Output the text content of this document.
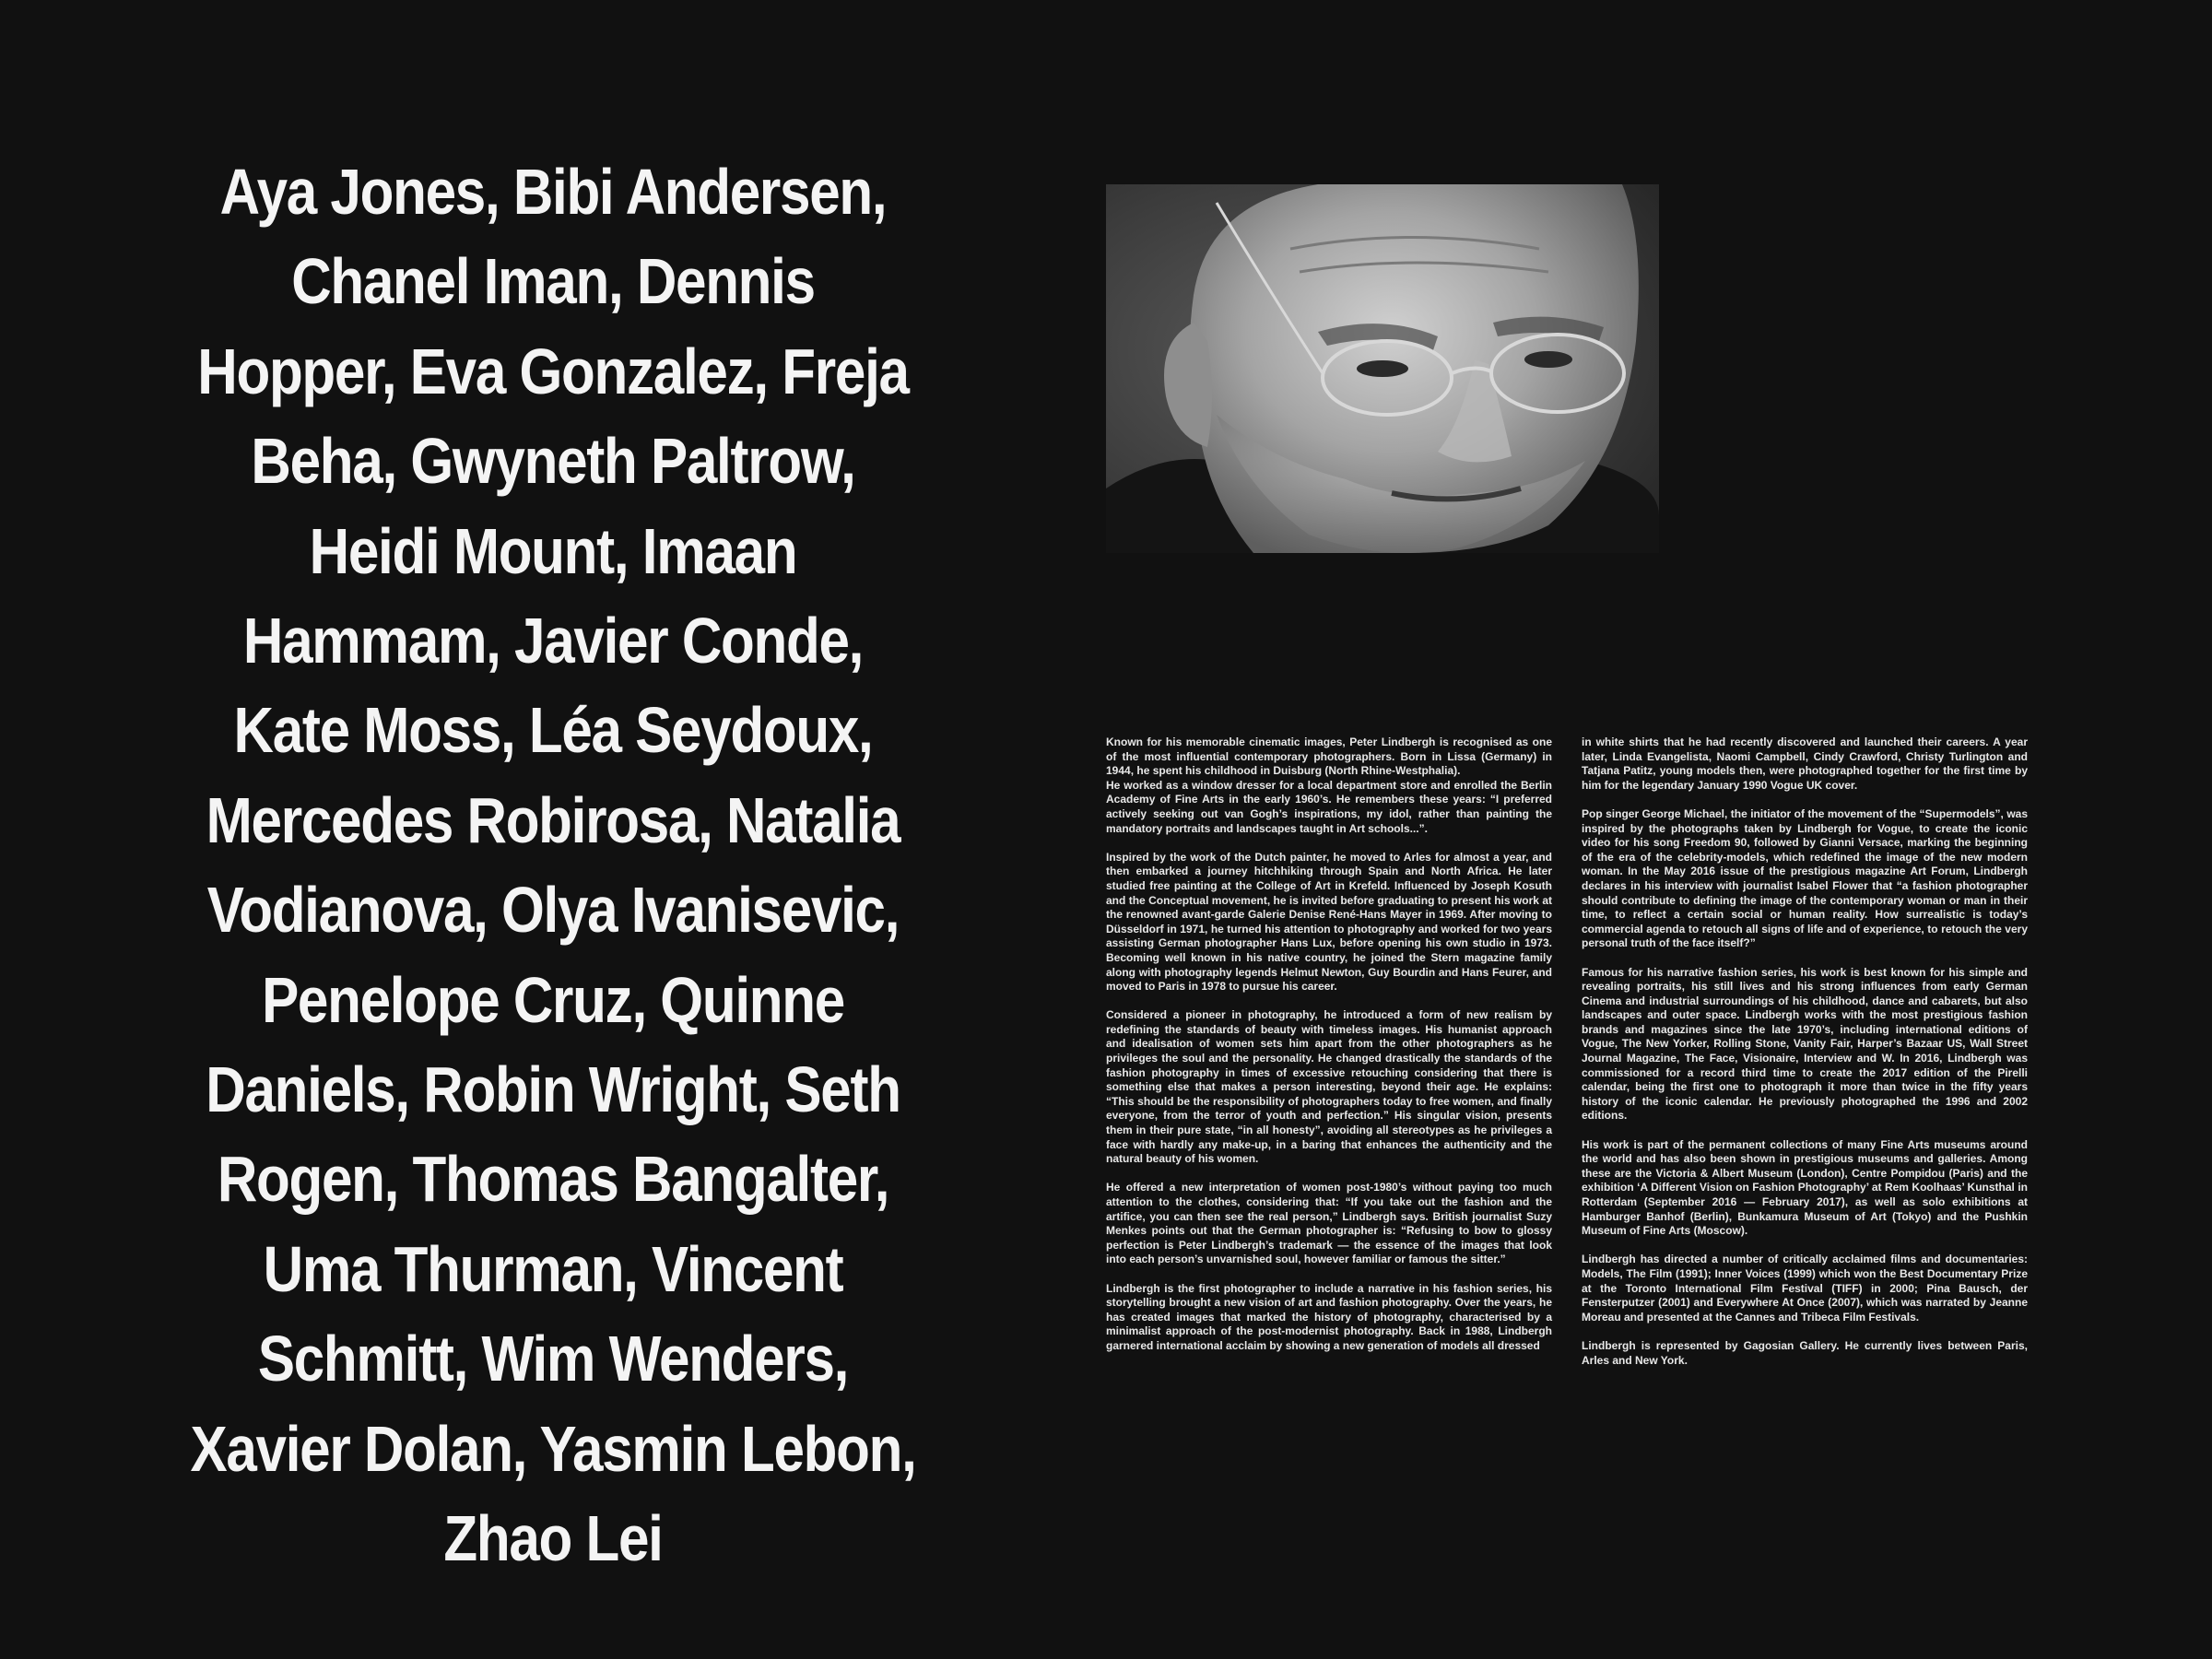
Aya Jones, Bibi Andersen, Chanel Iman, Dennis Hopper, Eva Gonzalez, Freja Beha, Gwyneth Paltrow, Heidi Mount, Imaan Hammam, Javier Conde, Kate Moss, Léa Seydoux, Mercedes Robirosa, Natalia Vodianova, Olya Ivanisevic, Penelope Cruz, Quinne Daniels, Robin Wright, Seth Rogen, Thomas Bangalter, Uma Thurman, Vincent Schmitt, Wim Wenders, Xavier Dolan, Yasmin Lebon, Zhao Lei

Known for his memorable cinematic images, Peter Lindbergh is recognised as one of the most influential contemporary photographers. Born in Lissa (Germany) in 1944, he spent his childhood in Duisburg (North Rhine-Westphalia).

He worked as a window dresser for a local department store and enrolled the Berlin Academy of Fine Arts in the early 1960’s. He remembers these years: “I preferred actively seeking out van Gogh’s inspirations, my idol, rather than painting the mandatory portraits and landscapes taught in Art schools...”.

Inspired by the work of the Dutch painter, he moved to Arles for almost a year, and then embarked a journey hitchhiking through Spain and North Africa. He later studied free painting at the College of Art in Krefeld. Influenced by Joseph Kosuth and the Conceptual movement, he is invited before graduating to present his work at the renowned avant-garde Galerie Denise René-Hans Mayer in 1969. After moving to Düsseldorf in 1971, he turned his attention to photography and worked for two years assisting German photographer Hans Lux, before opening his own studio in 1973. Becoming well known in his native country, he joined the Stern magazine family along with photography legends Helmut Newton, Guy Bourdin and Hans Feurer, and moved to Paris in 1978 to pursue his career.

Considered a pioneer in photography, he introduced a form of new realism by redefining the standards of beauty with timeless images. His humanist approach and idealisation of women sets him apart from the other photographers as he privileges the soul and the personality. He changed drastically the standards of the fashion photography in times of excessive retouching considering that there is something else that makes a person interesting, beyond their age. He explains: “This should be the responsibility of photographers today to free women, and finally everyone, from the terror of youth and perfection.” His singular vision, presents them in their pure state, “in all honesty”, avoiding all stereotypes as he privileges a face with hardly any make-up, in a baring that enhances the authenticity and the natural beauty of his women.

He offered a new interpretation of women post-1980’s without paying too much attention to the clothes, considering that: “If you take out the fashion and the artifice, you can then see the real person,” Lindbergh says. British journalist Suzy Menkes points out that the German photographer is: “Refusing to bow to glossy perfection is Peter Lindbergh’s trademark — the essence of the images that look into each person’s unvarnished soul, however familiar or famous the sitter.”

Lindbergh is the first photographer to include a narrative in his fashion series, his storytelling brought a new vision of art and fashion photography. Over the years, he has created images that marked the history of photography, characterised by a minimalist approach of the post-modernist photography. Back in 1988, Lindbergh garnered international acclaim by showing a new generation of models all dressed

in white shirts that he had recently discovered and launched their careers. A year later, Linda Evangelista, Naomi Campbell, Cindy Crawford, Christy Turlington and Tatjana Patitz, young models then, were photographed together for the first time by him for the legendary January 1990 Vogue UK cover.

Pop singer George Michael, the initiator of the movement of the “Supermodels”, was inspired by the photographs taken by Lindbergh for Vogue, to create the iconic video for his song Freedom 90, followed by Gianni Versace, marking the beginning of the era of the celebrity-models, which redefined the image of the new modern woman. In the May 2016 issue of the prestigious magazine Art Forum, Lindbergh declares in his interview with journalist Isabel Flower that “a fashion photographer should contribute to defining the image of the contemporary woman or man in their time, to reflect a certain social or human reality. How surrealistic is today’s commercial agenda to retouch all signs of life and of experience, to retouch the very personal truth of the face itself?”

Famous for his narrative fashion series, his work is best known for his simple and revealing portraits, his still lives and his strong influences from early German Cinema and industrial surroundings of his childhood, dance and cabarets, but also landscapes and outer space. Lindbergh works with the most prestigious fashion brands and magazines since the late 1970’s, including international editions of Vogue, The New Yorker, Rolling Stone, Vanity Fair, Harper’s Bazaar US, Wall Street Journal Magazine, The Face, Visionaire, Interview and W. In 2016, Lindbergh was commissioned for a record third time to create the 2017 edition of the Pirelli calendar, being the first one to photograph it more than twice in the fifty years history of the iconic calendar. He previously photographed the 1996 and 2002 editions.

His work is part of the permanent collections of many Fine Arts museums around the world and has also been shown in prestigious museums and galleries. Among these are the Victoria & Albert Museum (London), Centre Pompidou (Paris) and the exhibition ‘A Different Vision on Fashion Photography’ at Rem Koolhaas’ Kunsthal in Rotterdam (September 2016 — February 2017), as well as solo exhibitions at Hamburger Banhof (Berlin), Bunkamura Museum of Art (Tokyo) and the Pushkin Museum of Fine Arts (Moscow).

Lindbergh has directed a number of critically acclaimed films and documentaries: Models, The Film (1991); Inner Voices (1999) which won the Best Documentary Prize at the Toronto International Film Festival (TIFF) in 2000; Pina Bausch, der Fensterputzer (2001) and Everywhere At Once (2007), which was narrated by Jeanne Moreau and presented at the Cannes and Tribeca Film Festivals.

Lindbergh is represented by Gagosian Gallery. He currently lives between Paris, Arles and New York.
